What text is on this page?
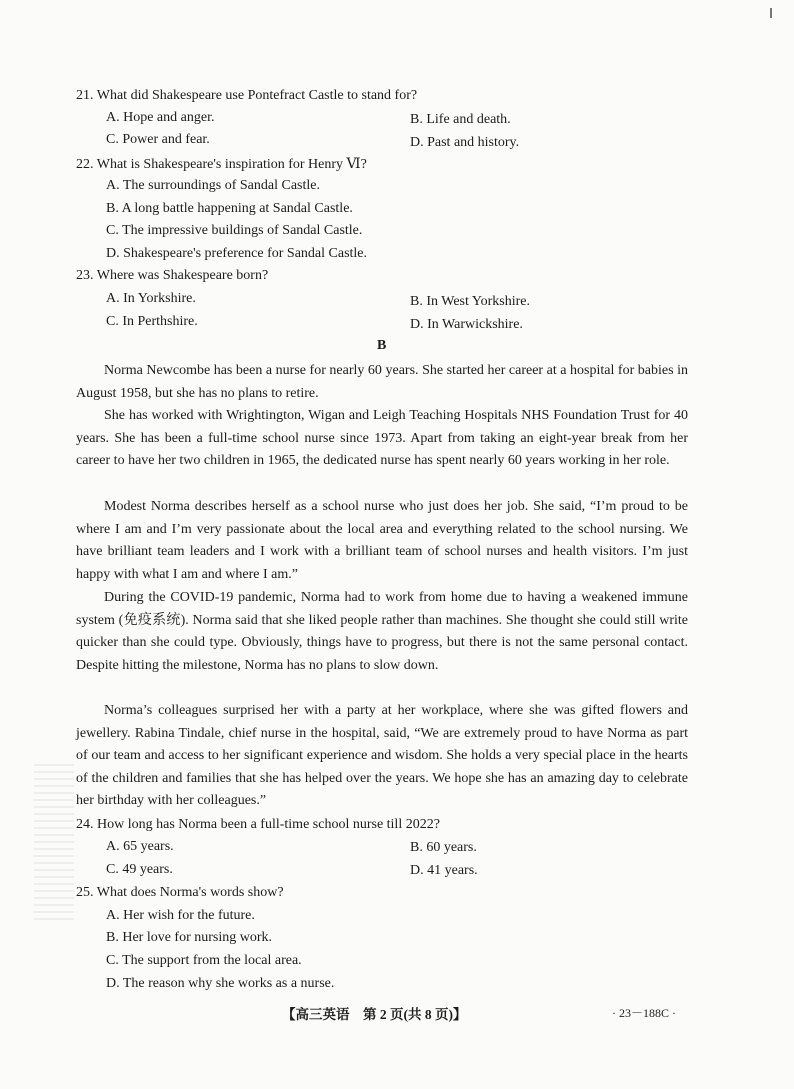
21. What did Shakespeare use Pontefract Castle to stand for?
A. Hope and anger.	B. Life and death.
C. Power and fear.	D. Past and history.
22. What is Shakespeare's inspiration for Henry Ⅵ?
A. The surroundings of Sandal Castle.
B. A long battle happening at Sandal Castle.
C. The impressive buildings of Sandal Castle.
D. Shakespeare's preference for Sandal Castle.
23. Where was Shakespeare born?
A. In Yorkshire.	B. In West Yorkshire.
C. In Perthshire.	D. In Warwickshire.
B

Norma Newcombe has been a nurse for nearly 60 years. She started her career at a hospital for babies in August 1958, but she has no plans to retire.

She has worked with Wrightington, Wigan and Leigh Teaching Hospitals NHS Foundation Trust for 40 years. She has been a full-time school nurse since 1973. Apart from taking an eight-year break from her career to have her two children in 1965, the dedicated nurse has spent nearly 60 years working in her role.

Modest Norma describes herself as a school nurse who just does her job. She said, “I’m proud to be where I am and I’m very passionate about the local area and everything related to the school nursing. We have brilliant team leaders and I work with a brilliant team of school nurses and health visitors. I’m just happy with what I am and where I am.”

During the COVID-19 pandemic, Norma had to work from home due to having a weakened immune system (免疫系统). Norma said that she liked people rather than machines. She thought she could still write quicker than she could type. Obviously, things have to progress, but there is not the same personal contact. Despite hitting the milestone, Norma has no plans to slow down.

Norma’s colleagues surprised her with a party at her workplace, where she was gifted flowers and jewellery. Rabina Tindale, chief nurse in the hospital, said, “We are extremely proud to have Norma as part of our team and access to her significant experience and wisdom. She holds a very special place in the hearts of the children and families that she has helped over the years. We hope she has an amazing day to celebrate her birthday with her colleagues.”

24. How long has Norma been a full-time school nurse till 2022?
A. 65 years.	B. 60 years.
C. 49 years.	D. 41 years.
25. What does Norma's words show?
A. Her wish for the future.
B. Her love for nursing work.
C. The support from the local area.
D. The reason why she works as a nurse.
【高三英语　第 2 页(共 8 页)】	· 23－188C ·
